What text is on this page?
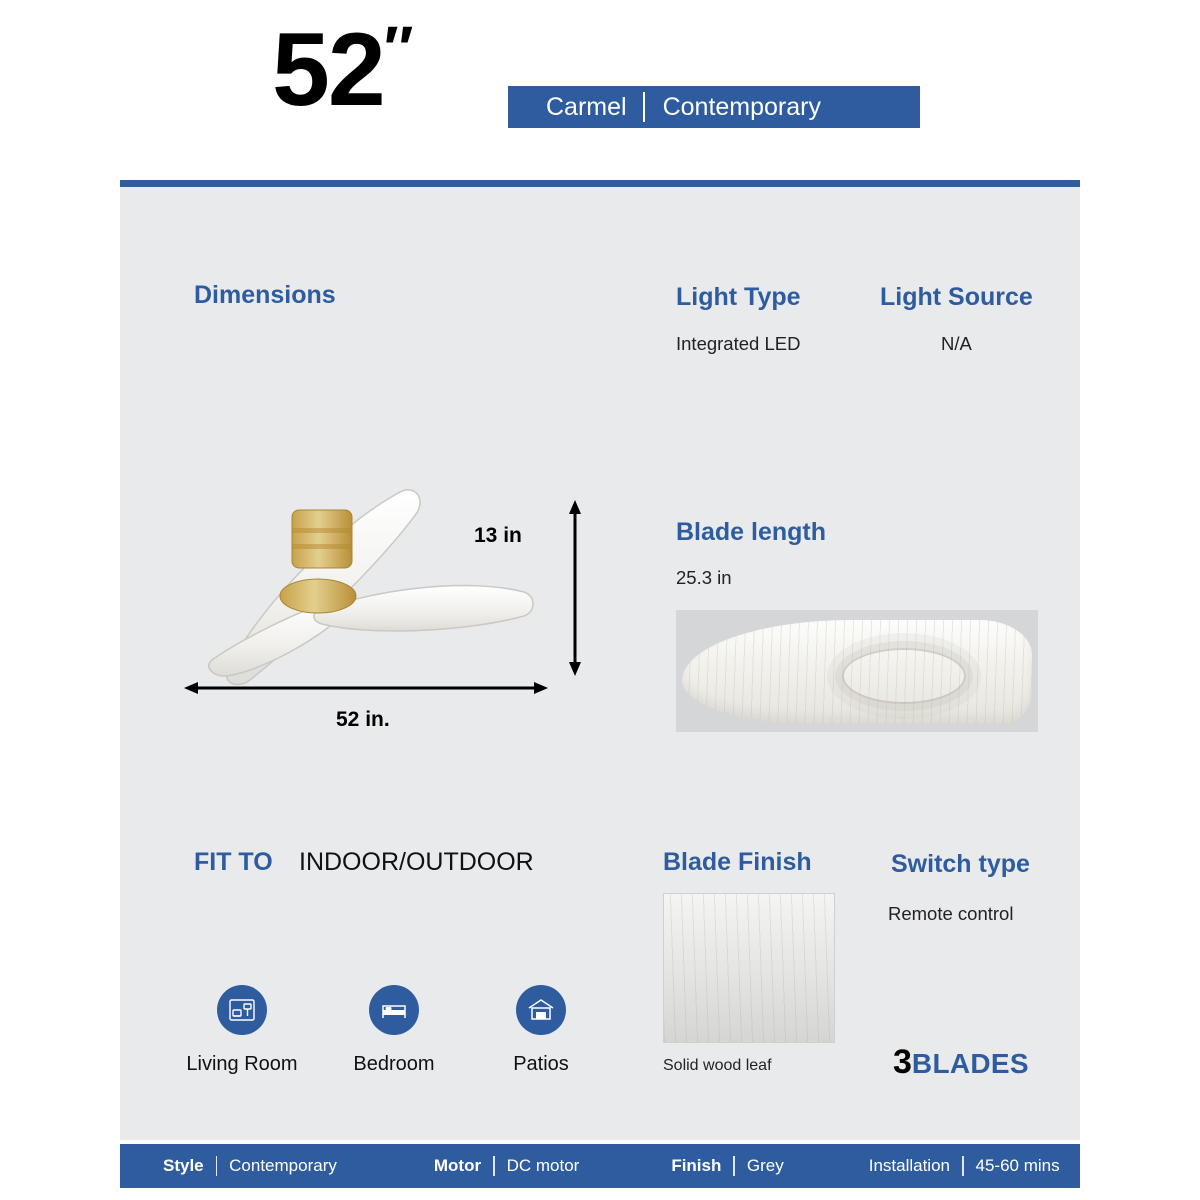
52″
Carmel	Contemporary
Dimensions	Light Type	Light Source
Integrated LED	N/A
Blade length
25.3 in
13 in
52 in.
FIT TO INDOOR/OUTDOOR	Blade Finish
Solid wood leaf
Switch type
Remote control
Living Room	Bedroom	Patios	3BLADES
Style Contemporary	Motor DC motor	Finish Grey	Installation 45-60 mins
